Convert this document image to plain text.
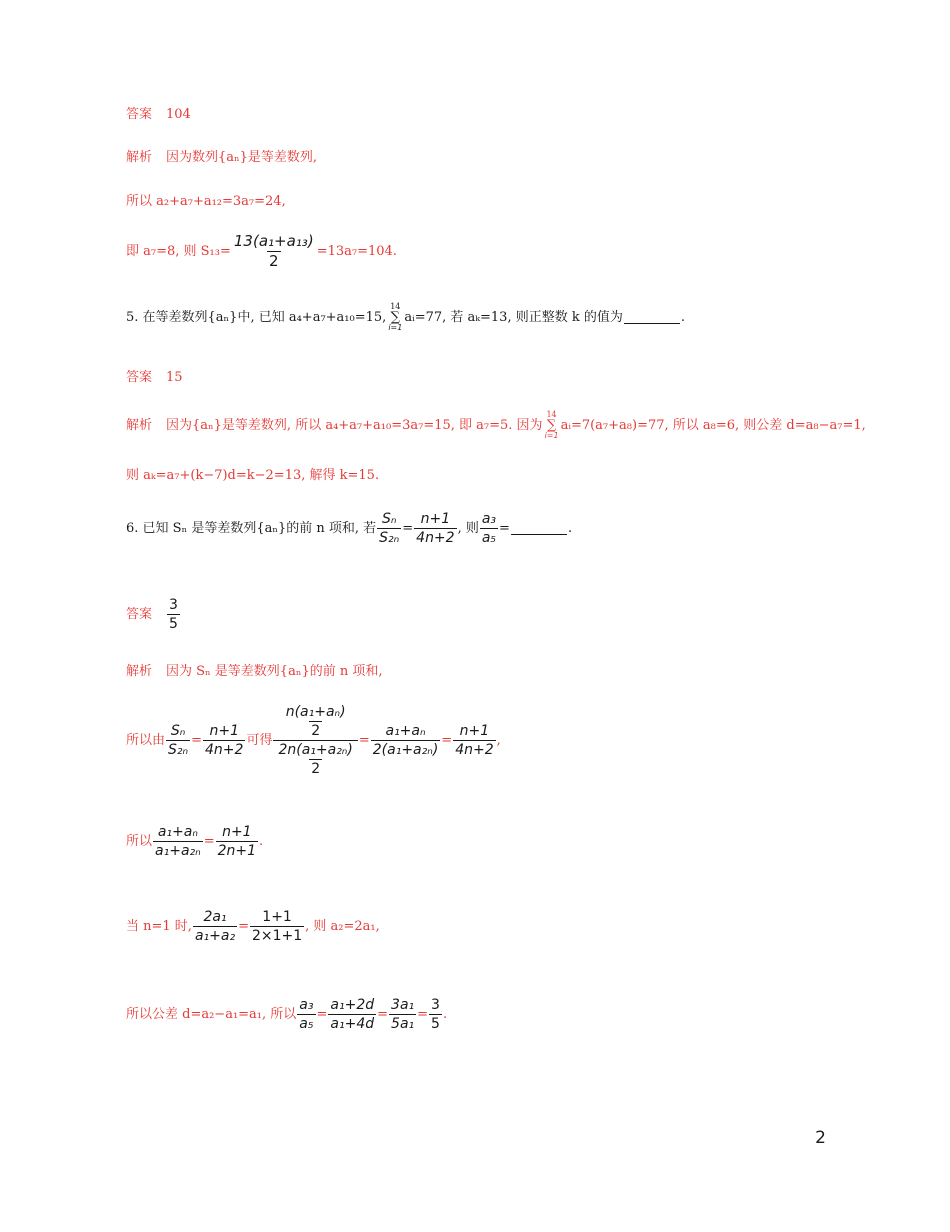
答案 104
解析 因为数列{aₙ}是等差数列,
所以 a₂+a₇+a₁₂=3a₇=24,
即 a₇=8, 则 $S_{13}= \frac{\text{13(a₁+a₁₃)}}{2} =13a_7=104$.
5. 在等差数列{aₙ}中, 已知 a₄+a₇+a₁₀=15,
14
∑
i=1
aᵢ=77, 若 aₖ=13, 则正整数 k 的值为	.
答案 15
解析 因为{aₙ}是等差数列, 所以 a₄+a₇+a₁₀=3a₇=15, 即 a₇=5. 因为
14
∑
i=1
aᵢ=7(a₇+a₈)=77, 所以 a₈=6, 则公差 d=a₈−a₇=1,
则 aₖ=a₇+(k−7)d=k−2=13, 解得 k=15.
6. 已知 Sₙ 是等差数列{aₙ}的前 n 项和, 若 $\frac{\text{Sₙ}}{\text{S₂ₙ}} = \frac{n+1}{4n+2}$ , 则 $\frac{\text{a₃}}{\text{a₅}}$ =	.
答案 $\frac{3}{5}$
解析 因为 Sₙ 是等差数列{aₙ}的前 n 项和,
所以由 $\frac{\text{Sₙ}}{\text{S₂ₙ}} = \frac{n+1}{4n+2}$ 可得 $\frac{\frac{\text{n(a₁+aₙ)}}{2}}{\frac{\text{2n(a₁+a₂ₙ)}}{2}} = \frac{\text{a₁+aₙ}}{\text{2(a₁+a₂ₙ)}} = \frac{n+1}{4n+2}$ ,
所以 $\frac{\text{a₁+aₙ}}{\text{a₁+a₂ₙ}} = \frac{n+1}{2n+1}$ .
当 n=1 时, $\frac{\text{2a₁}}{\text{a₁+a₂}} = \frac{1+1}{2\times 1+1}$ , 则 a₂=2a₁,
所以公差 d=a₂−a₁=a₁, 所以 $\frac{\text{a₃}}{\text{a₅}} = \frac{\text{a₁+2d}}{\text{a₁+4d}} = \frac{\text{3a₁}}{\text{5a₁}} = \frac{3}{5}$ .
2
